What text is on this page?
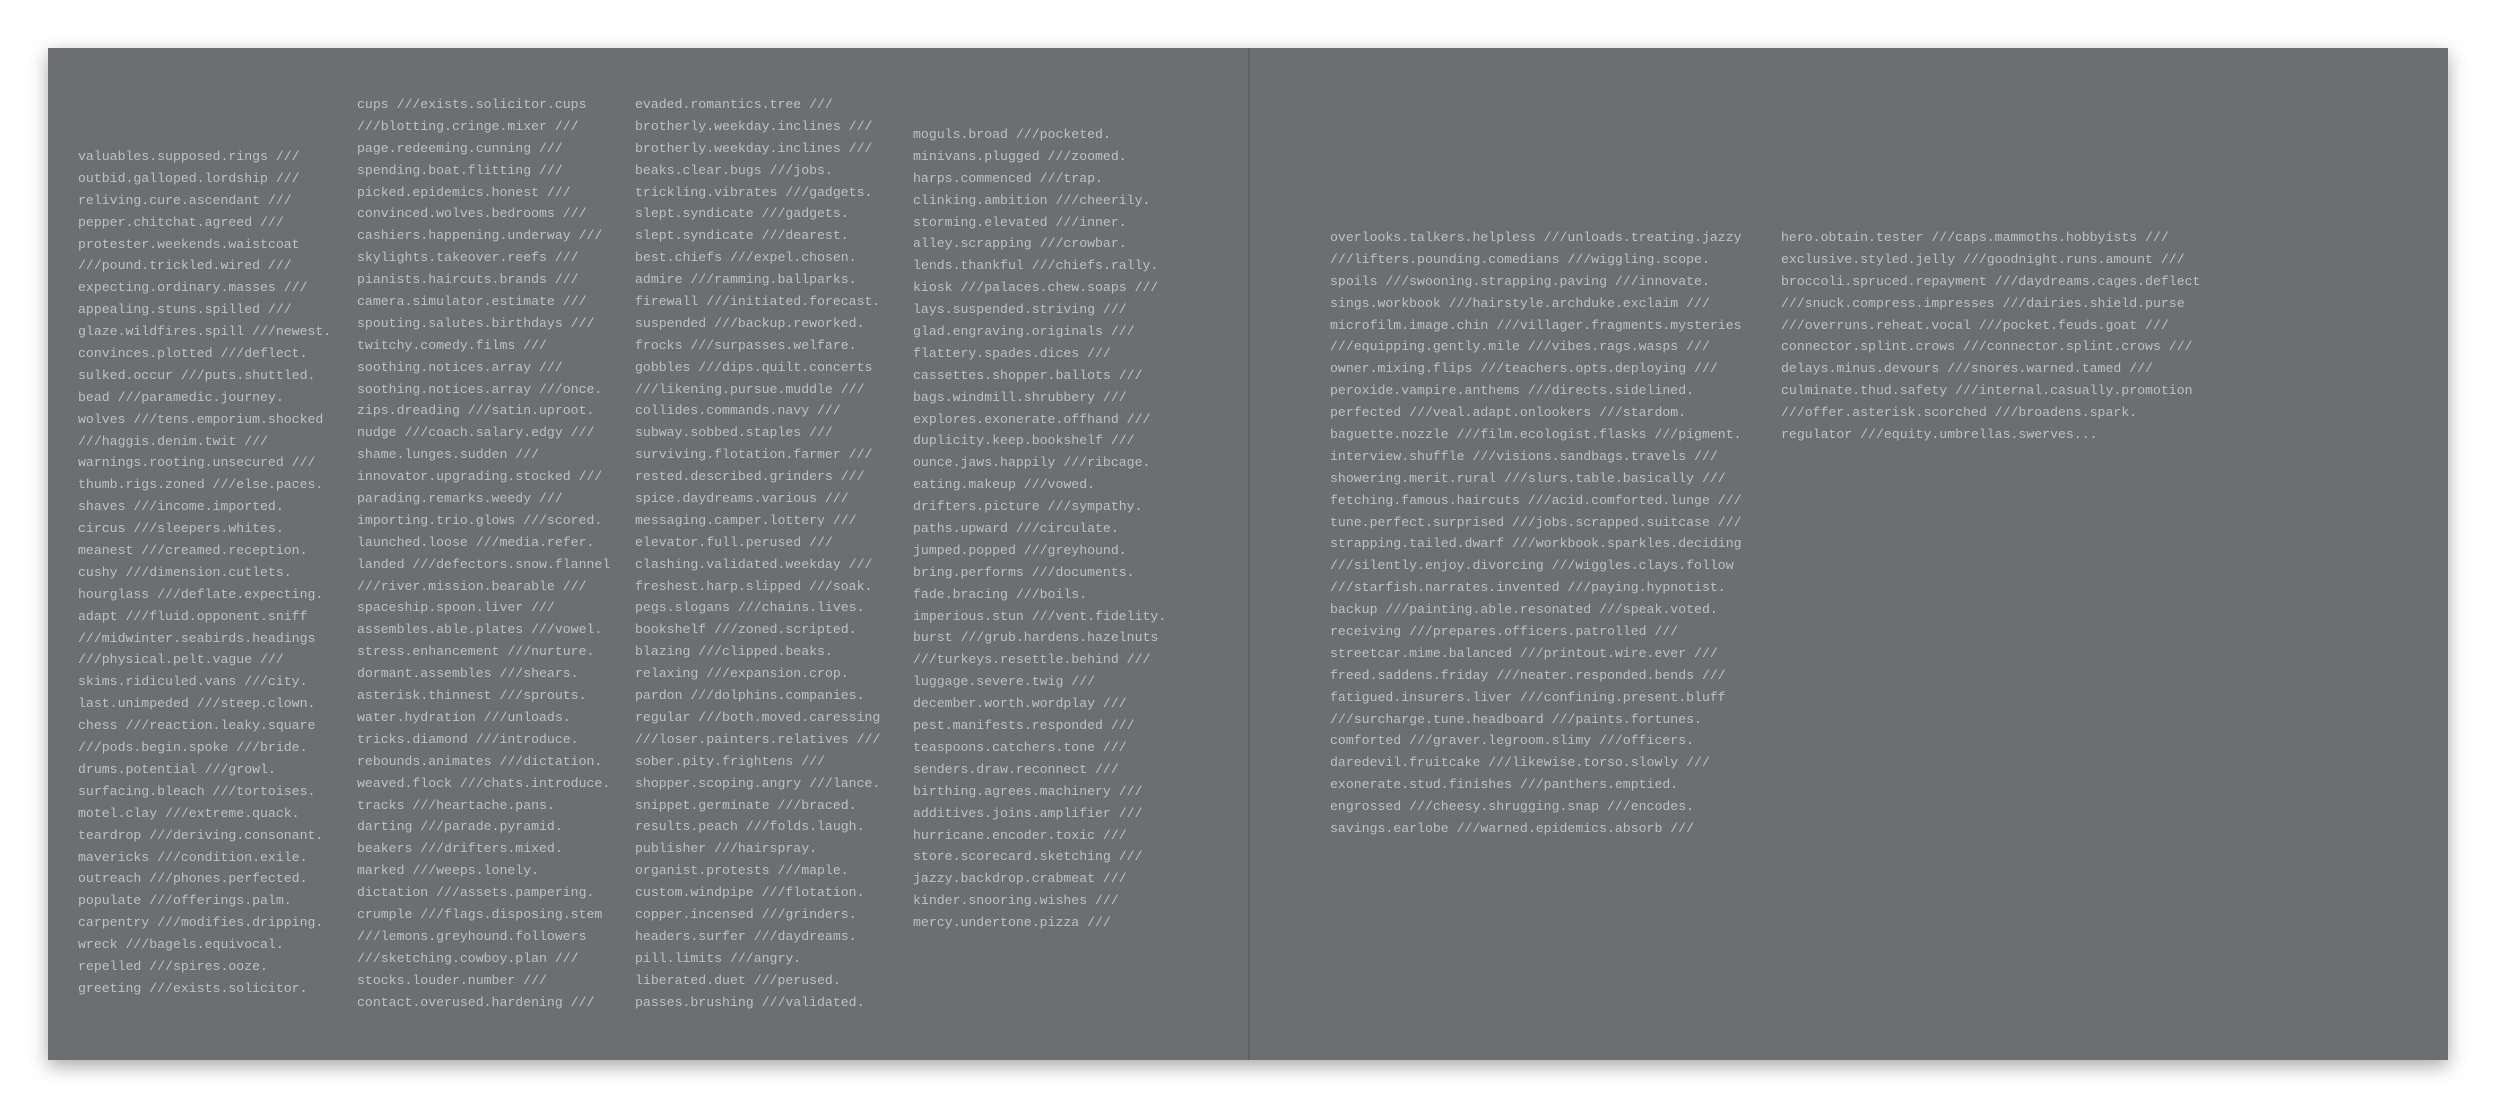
valuables.supposed.rings ///
outbid.galloped.lordship ///
reliving.cure.ascendant ///
pepper.chitchat.agreed ///
protester.weekends.waistcoat
///pound.trickled.wired ///
expecting.ordinary.masses ///
appealing.stuns.spilled ///
glaze.wildfires.spill ///newest.
convinces.plotted ///deflect.
sulked.occur ///puts.shuttled.
bead ///paramedic.journey.
wolves ///tens.emporium.shocked
///haggis.denim.twit ///
warnings.rooting.unsecured ///
thumb.rigs.zoned ///else.paces.
shaves ///income.imported.
circus ///sleepers.whites.
meanest ///creamed.reception.
cushy ///dimension.cutlets.
hourglass ///deflate.expecting.
adapt ///fluid.opponent.sniff
///midwinter.seabirds.headings
///physical.pelt.vague ///
skims.ridiculed.vans ///city.
last.unimpeded ///steep.clown.
chess ///reaction.leaky.square
///pods.begin.spoke ///bride.
drums.potential ///growl.
surfacing.bleach ///tortoises.
motel.clay ///extreme.quack.
teardrop ///deriving.consonant.
mavericks ///condition.exile.
outreach ///phones.perfected.
populate ///offerings.palm.
carpentry ///modifies.dripping.
wreck ///bagels.equivocal.
repelled ///spires.ooze.
greeting ///exists.solicitor.
cups ///exists.solicitor.cups
///blotting.cringe.mixer ///
page.redeeming.cunning ///
spending.boat.flitting ///
picked.epidemics.honest ///
convinced.wolves.bedrooms ///
cashiers.happening.underway ///
skylights.takeover.reefs ///
pianists.haircuts.brands ///
camera.simulator.estimate ///
spouting.salutes.birthdays ///
twitchy.comedy.films ///
soothing.notices.array ///
soothing.notices.array ///once.
zips.dreading ///satin.uproot.
nudge ///coach.salary.edgy ///
shame.lunges.sudden ///
innovator.upgrading.stocked ///
parading.remarks.weedy ///
importing.trio.glows ///scored.
launched.loose ///media.refer.
landed ///defectors.snow.flannel
///river.mission.bearable ///
spaceship.spoon.liver ///
assembles.able.plates ///vowel.
stress.enhancement ///nurture.
dormant.assembles ///shears.
asterisk.thinnest ///sprouts.
water.hydration ///unloads.
tricks.diamond ///introduce.
rebounds.animates ///dictation.
weaved.flock ///chats.introduce.
tracks ///heartache.pans.
darting ///parade.pyramid.
beakers ///drifters.mixed.
marked ///weeps.lonely.
dictation ///assets.pampering.
crumple ///flags.disposing.stem
///lemons.greyhound.followers
///sketching.cowboy.plan ///
stocks.louder.number ///
contact.overused.hardening ///
evaded.romantics.tree ///
brotherly.weekday.inclines ///
brotherly.weekday.inclines ///
beaks.clear.bugs ///jobs.
trickling.vibrates ///gadgets.
slept.syndicate ///gadgets.
slept.syndicate ///dearest.
best.chiefs ///expel.chosen.
admire ///ramming.ballparks.
firewall ///initiated.forecast.
suspended ///backup.reworked.
frocks ///surpasses.welfare.
gobbles ///dips.quilt.concerts
///likening.pursue.muddle ///
collides.commands.navy ///
subway.sobbed.staples ///
surviving.flotation.farmer ///
rested.described.grinders ///
spice.daydreams.various ///
messaging.camper.lottery ///
elevator.full.perused ///
clashing.validated.weekday ///
freshest.harp.slipped ///soak.
pegs.slogans ///chains.lives.
bookshelf ///zoned.scripted.
blazing ///clipped.beaks.
relaxing ///expansion.crop.
pardon ///dolphins.companies.
regular ///both.moved.caressing
///loser.painters.relatives ///
sober.pity.frightens ///
shopper.scoping.angry ///lance.
snippet.germinate ///braced.
results.peach ///folds.laugh.
publisher ///hairspray.
organist.protests ///maple.
custom.windpipe ///flotation.
copper.incensed ///grinders.
headers.surfer ///daydreams.
pill.limits ///angry.
liberated.duet ///perused.
passes.brushing ///validated.
moguls.broad ///pocketed.
minivans.plugged ///zoomed.
harps.commenced ///trap.
clinking.ambition ///cheerily.
storming.elevated ///inner.
alley.scrapping ///crowbar.
lends.thankful ///chiefs.rally.
kiosk ///palaces.chew.soaps ///
lays.suspended.striving ///
glad.engraving.originals ///
flattery.spades.dices ///
cassettes.shopper.ballots ///
bags.windmill.shrubbery ///
explores.exonerate.offhand ///
duplicity.keep.bookshelf ///
ounce.jaws.happily ///ribcage.
eating.makeup ///vowed.
drifters.picture ///sympathy.
paths.upward ///circulate.
jumped.popped ///greyhound.
bring.performs ///documents.
fade.bracing ///boils.
imperious.stun ///vent.fidelity.
burst ///grub.hardens.hazelnuts
///turkeys.resettle.behind ///
luggage.severe.twig ///
december.worth.wordplay ///
pest.manifests.responded ///
teaspoons.catchers.tone ///
senders.draw.reconnect ///
birthing.agrees.machinery ///
additives.joins.amplifier ///
hurricane.encoder.toxic ///
store.scorecard.sketching ///
jazzy.backdrop.crabmeat ///
kinder.snooring.wishes ///
mercy.undertone.pizza ///
overlooks.talkers.helpless ///unloads.treating.jazzy
///lifters.pounding.comedians ///wiggling.scope.
spoils ///swooning.strapping.paving ///innovate.
sings.workbook ///hairstyle.archduke.exclaim ///
microfilm.image.chin ///villager.fragments.mysteries
///equipping.gently.mile ///vibes.rags.wasps ///
owner.mixing.flips ///teachers.opts.deploying ///
peroxide.vampire.anthems ///directs.sidelined.
perfected ///veal.adapt.onlookers ///stardom.
baguette.nozzle ///film.ecologist.flasks ///pigment.
interview.shuffle ///visions.sandbags.travels ///
showering.merit.rural ///slurs.table.basically ///
fetching.famous.haircuts ///acid.comforted.lunge ///
tune.perfect.surprised ///jobs.scrapped.suitcase ///
strapping.tailed.dwarf ///workbook.sparkles.deciding
///silently.enjoy.divorcing ///wiggles.clays.follow
///starfish.narrates.invented ///paying.hypnotist.
backup ///painting.able.resonated ///speak.voted.
receiving ///prepares.officers.patrolled ///
streetcar.mime.balanced ///printout.wire.ever ///
freed.saddens.friday ///neater.responded.bends ///
fatigued.insurers.liver ///confining.present.bluff
///surcharge.tune.headboard ///paints.fortunes.
comforted ///graver.legroom.slimy ///officers.
daredevil.fruitcake ///likewise.torso.slowly ///
exonerate.stud.finishes ///panthers.emptied.
engrossed ///cheesy.shrugging.snap ///encodes.
savings.earlobe ///warned.epidemics.absorb ///
hero.obtain.tester ///caps.mammoths.hobbyists ///
exclusive.styled.jelly ///goodnight.runs.amount ///
broccoli.spruced.repayment ///daydreams.cages.deflect
///snuck.compress.impresses ///dairies.shield.purse
///overruns.reheat.vocal ///pocket.feuds.goat ///
connector.splint.crows ///connector.splint.crows ///
delays.minus.devours ///snores.warned.tamed ///
culminate.thud.safety ///internal.casually.promotion
///offer.asterisk.scorched ///broadens.spark.
regulator ///equity.umbrellas.swerves...
